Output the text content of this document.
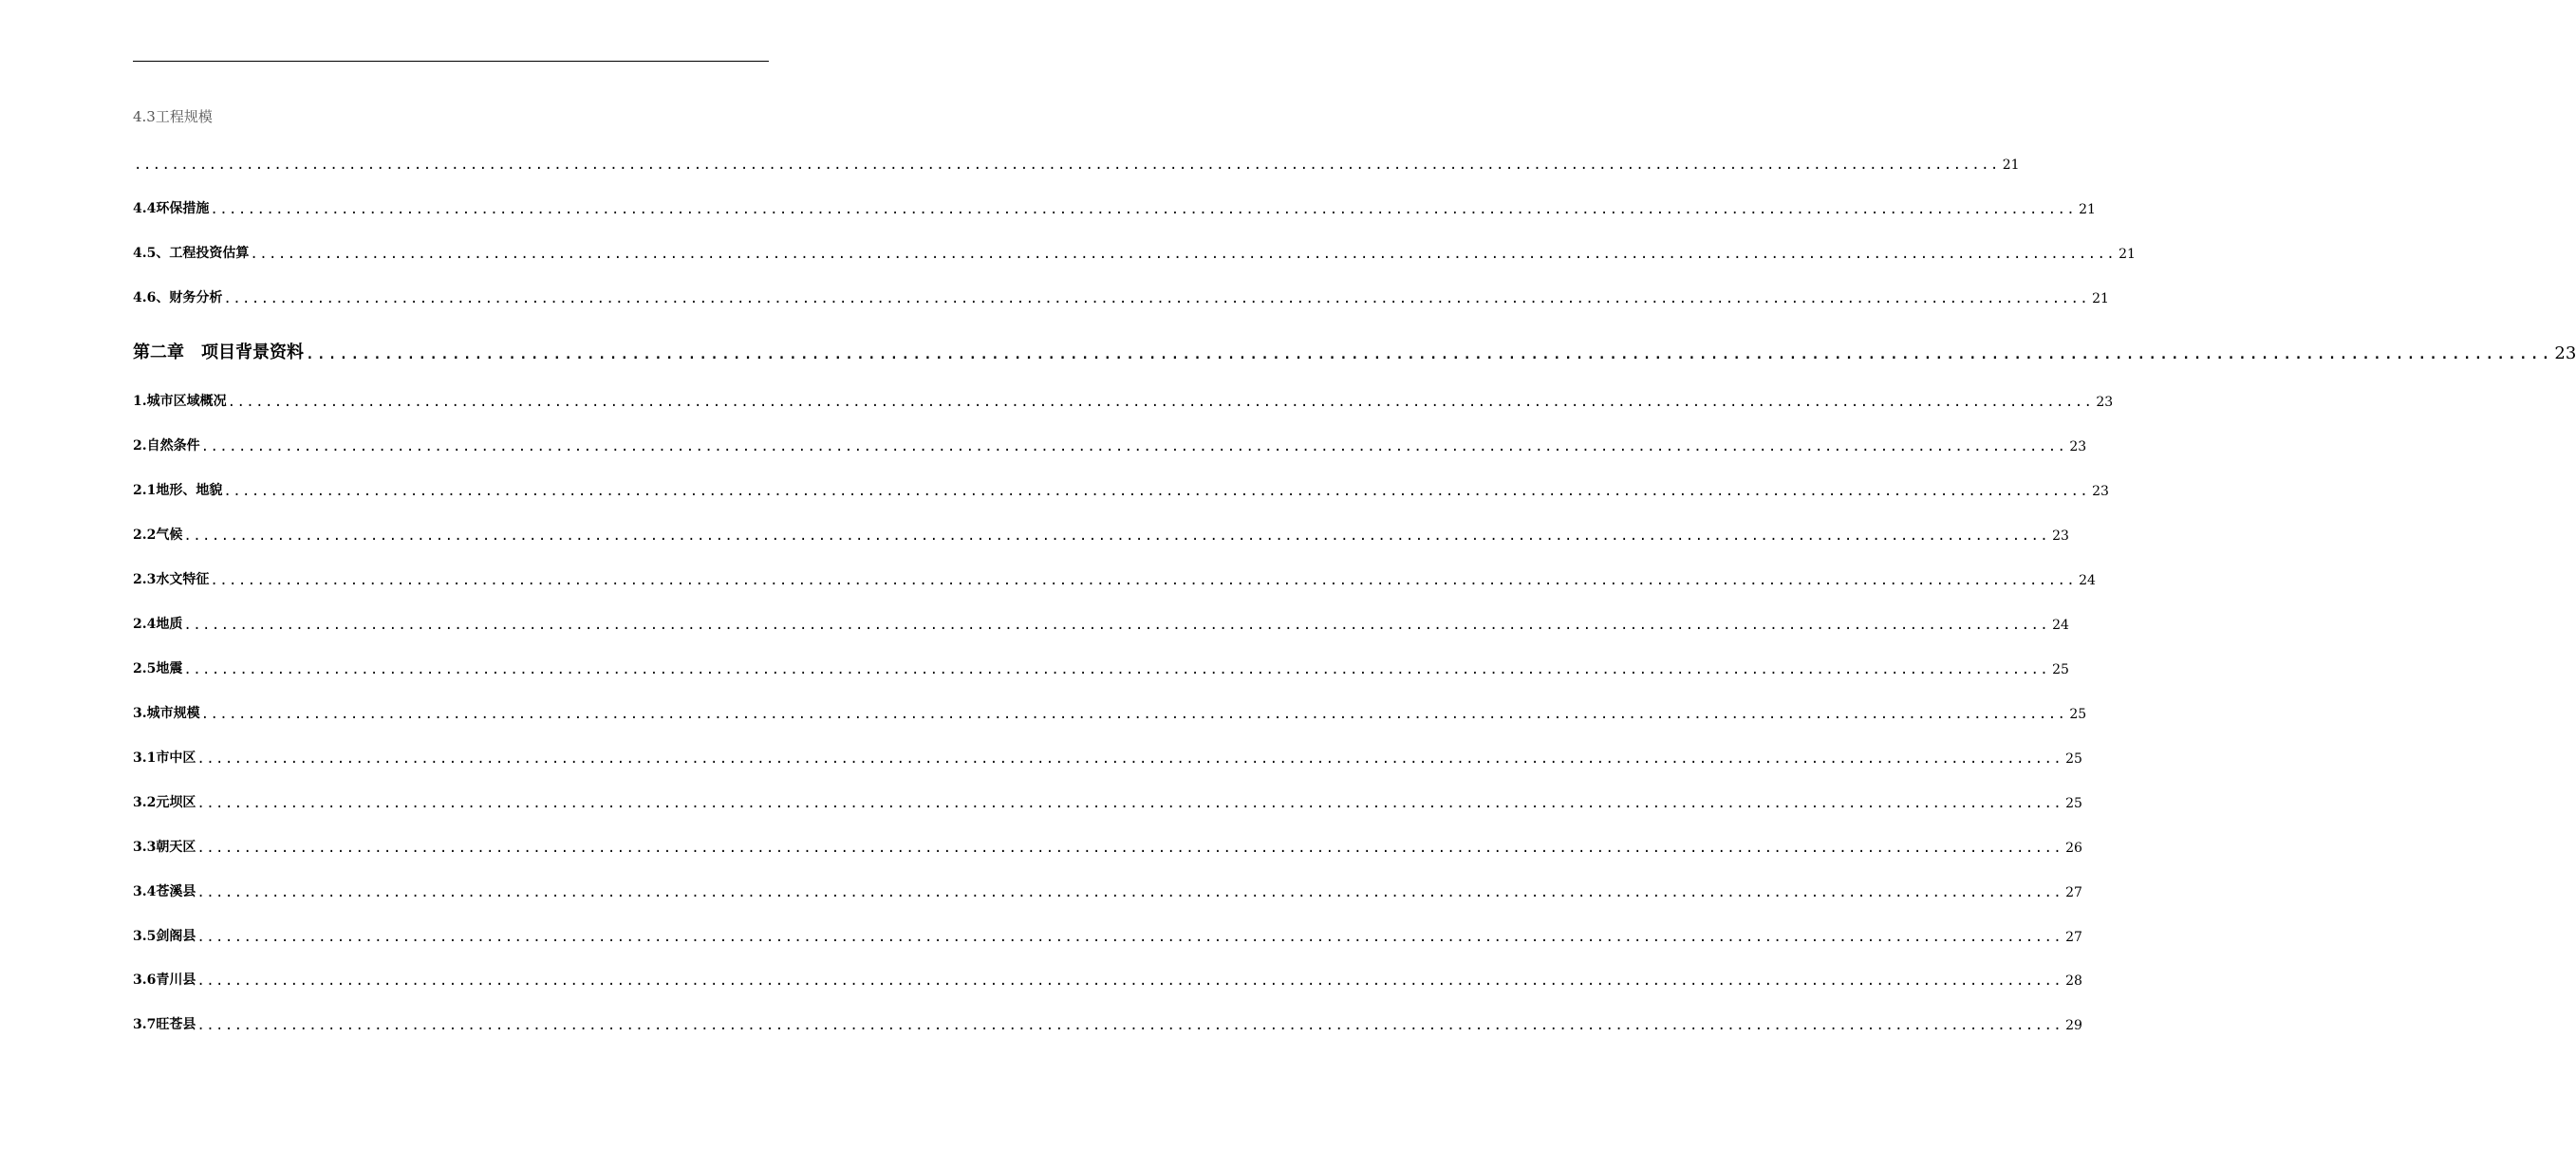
4.3工程规模
........................................................................................................................................................................................................ 21
4.4环保措施 ........................................................................................................................................................................................................ 21
4.5、工程投资估算 ........................................................................................................................................................................................................ 21
4.6、财务分析 ........................................................................................................................................................................................................ 21
第二章　项目背景资料 ........................................................................................................................................................................................................ 23
1.城市区域概况 ........................................................................................................................................................................................................ 23
2.自然条件 ........................................................................................................................................................................................................ 23
2.1地形、地貌 ........................................................................................................................................................................................................ 23
2.2气候 ........................................................................................................................................................................................................ 23
2.3水文特征 ........................................................................................................................................................................................................ 24
2.4地质 ........................................................................................................................................................................................................ 24
2.5地震 ........................................................................................................................................................................................................ 25
3.城市规模 ........................................................................................................................................................................................................ 25
3.1市中区 ........................................................................................................................................................................................................ 25
3.2元坝区 ........................................................................................................................................................................................................ 25
3.3朝天区 ........................................................................................................................................................................................................ 26
3.4苍溪县 ........................................................................................................................................................................................................ 27
3.5剑阁县 ........................................................................................................................................................................................................ 27
3.6青川县 ........................................................................................................................................................................................................ 28
3.7旺苍县 ........................................................................................................................................................................................................ 29
